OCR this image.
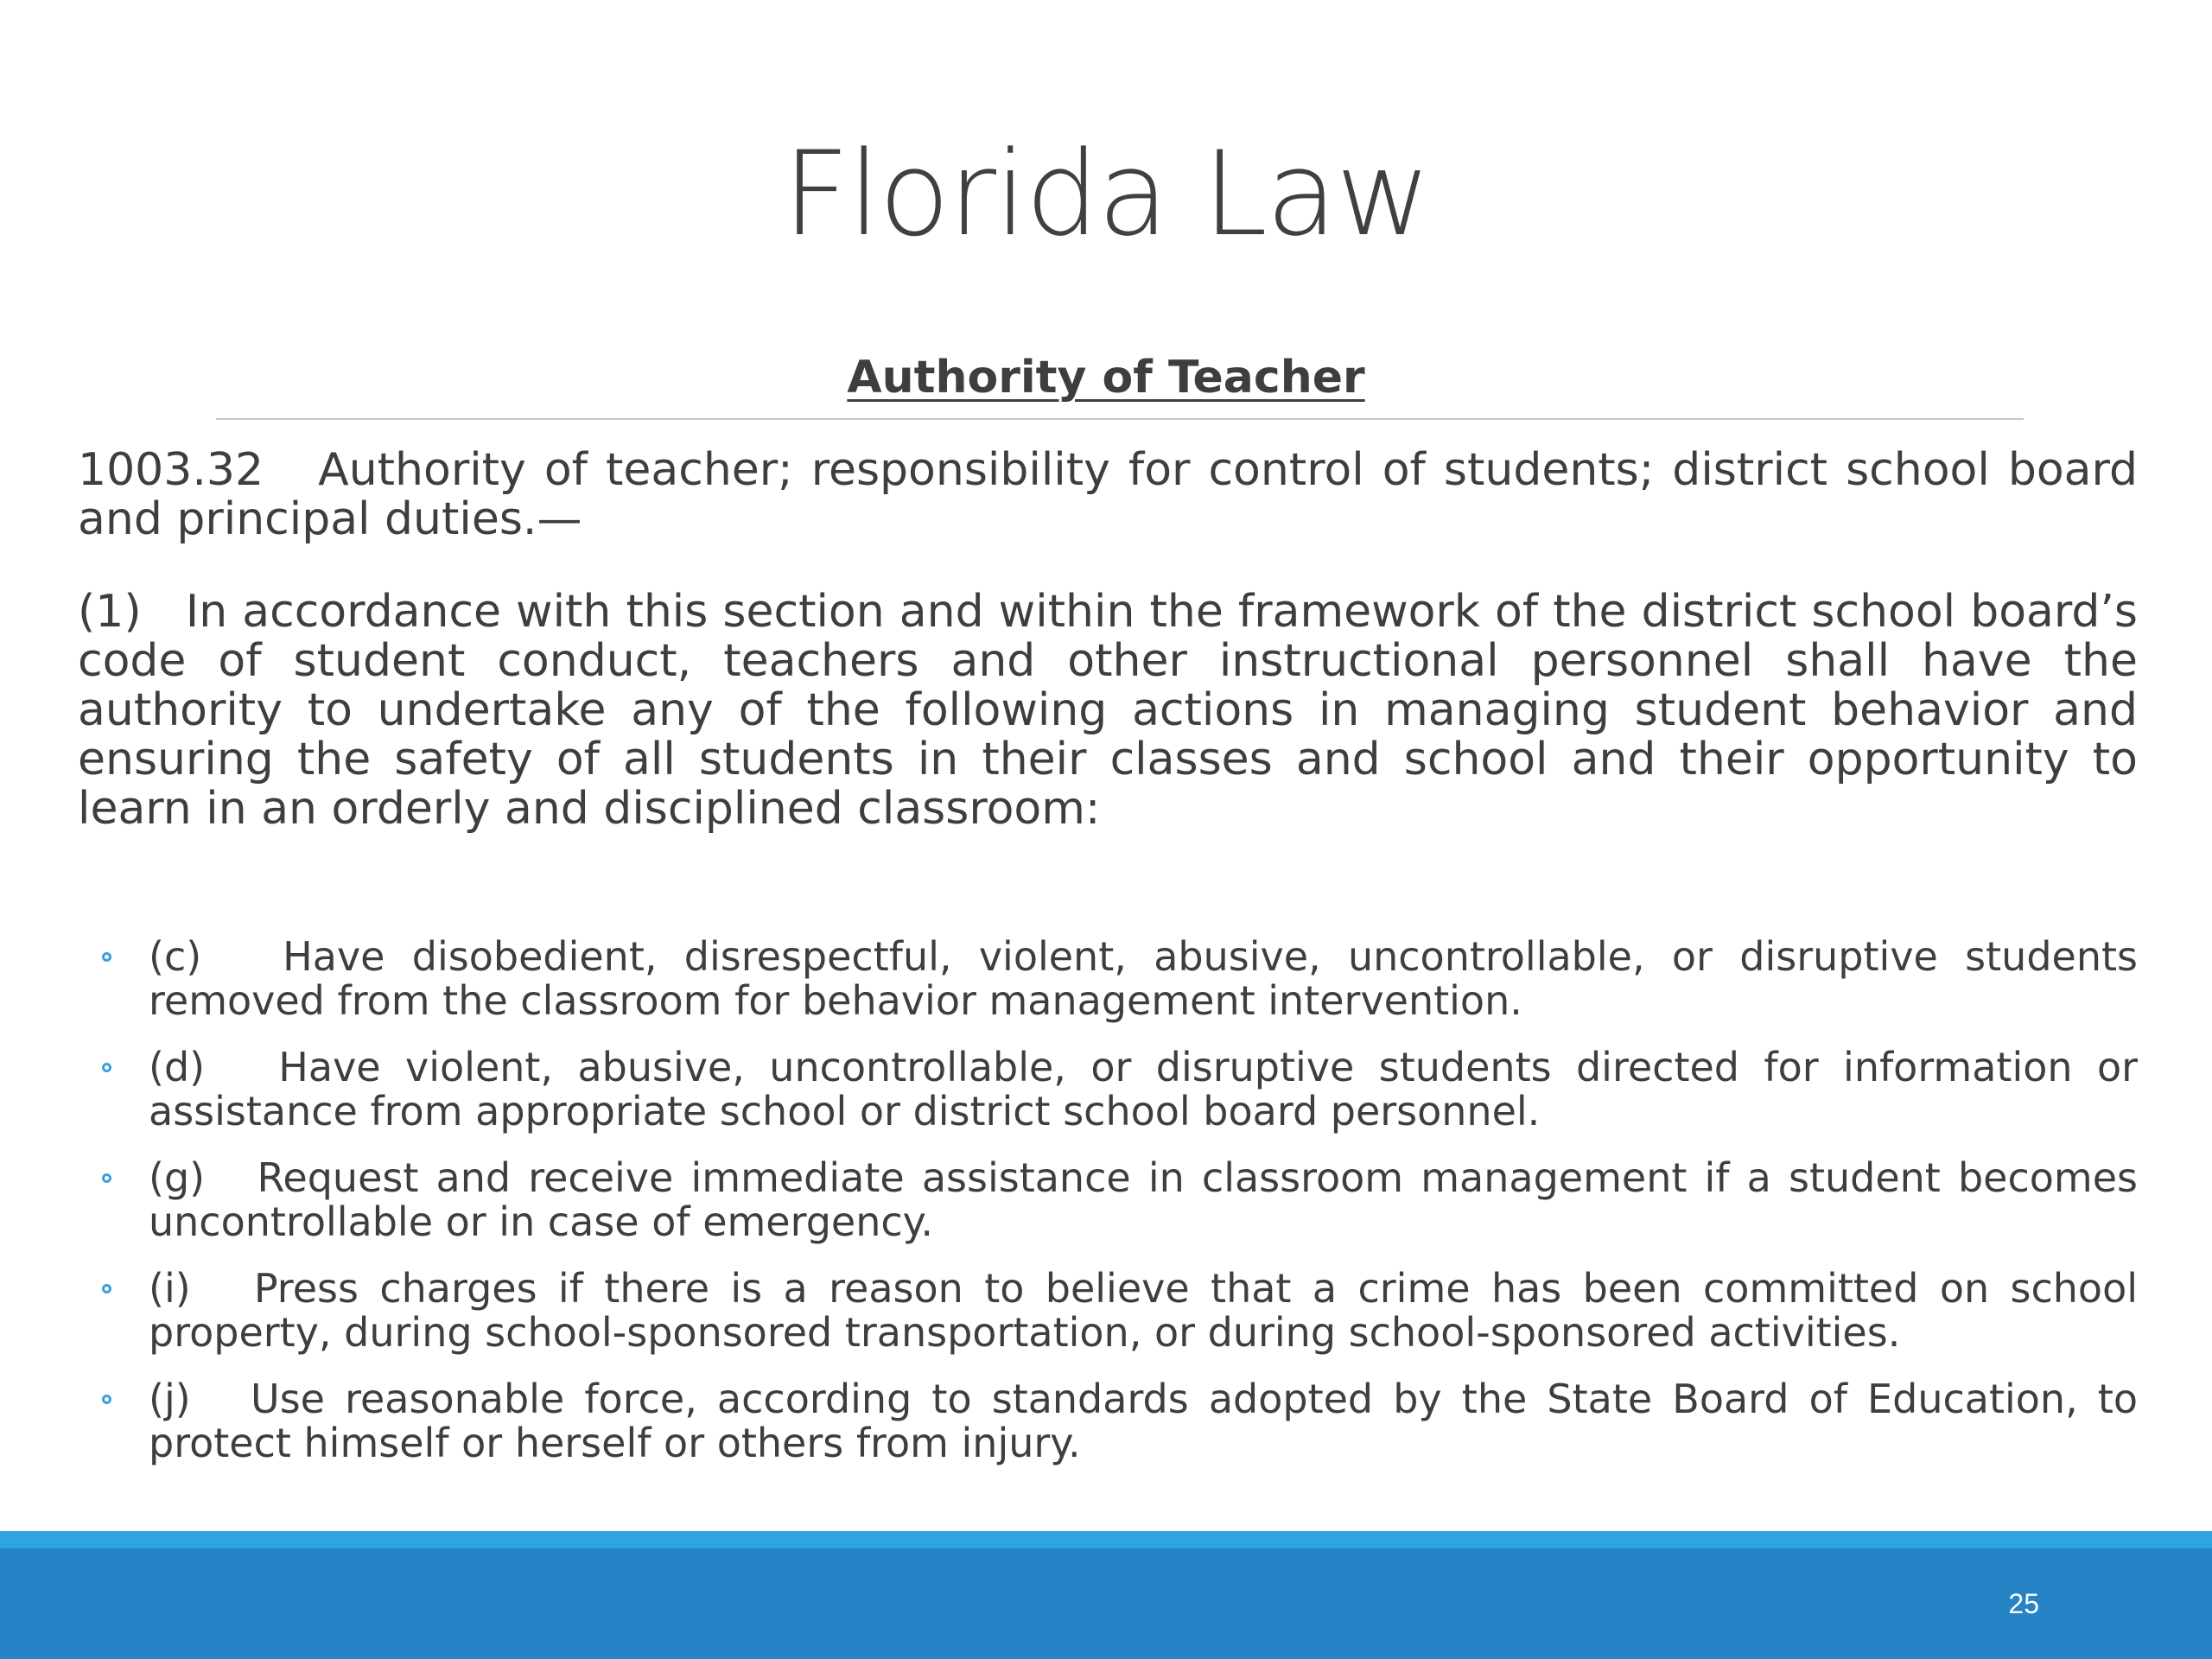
Florida Law
Authority of Teacher

1003.32   Authority of teacher; responsibility for control of students; district school board and principal duties.—

(1)   In accordance with this section and within the framework of the district school board’s code of student conduct, teachers and other instructional personnel shall have the authority to undertake any of the following actions in managing student behavior and ensuring the safety of all students in their classes and school and their opportunity to learn in an orderly and disciplined classroom:

(c)   Have disobedient, disrespectful, violent, abusive, uncontrollable, or disruptive students removed from the classroom for behavior management intervention.
(d)   Have violent, abusive, uncontrollable, or disruptive students directed for information or assistance from appropriate school or district school board personnel.
(g)   Request and receive immediate assistance in classroom management if a student becomes uncontrollable or in case of emergency.
(i)   Press charges if there is a reason to believe that a crime has been committed on school property, during school-sponsored transportation, or during school-sponsored activities.
(j)   Use reasonable force, according to standards adopted by the State Board of Education, to protect himself or herself or others from injury.
25
